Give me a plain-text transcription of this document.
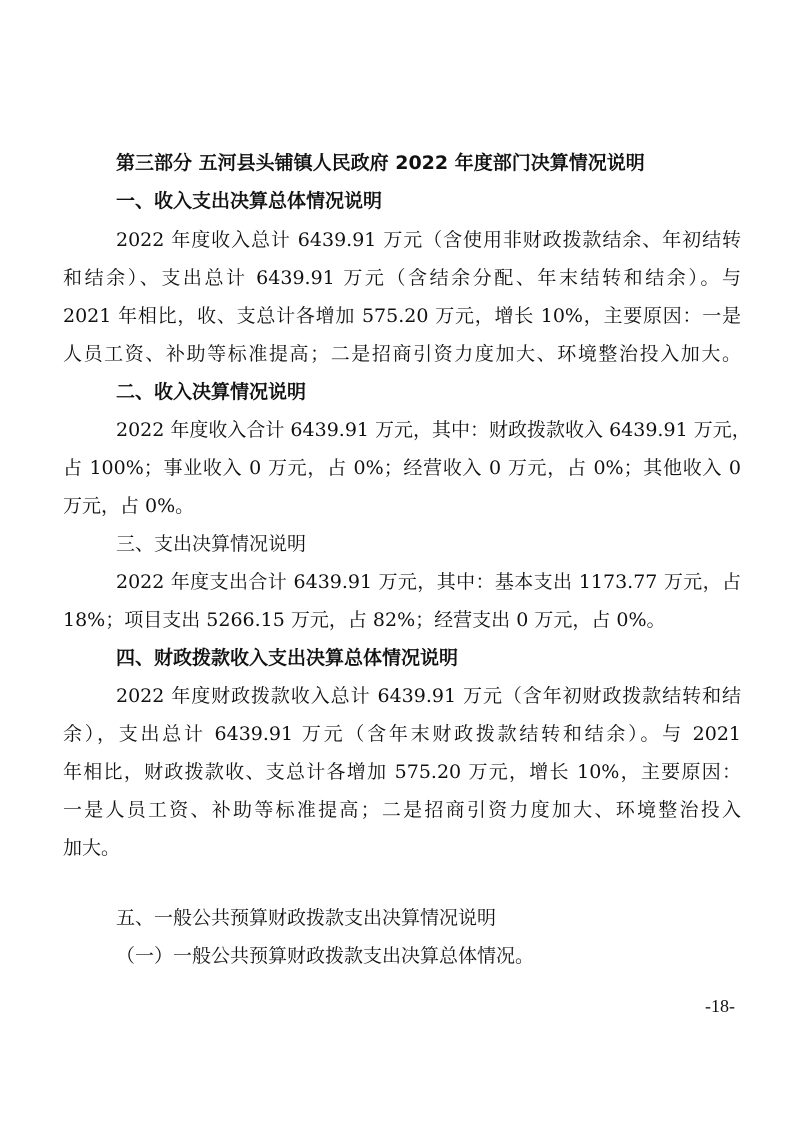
第三部分 五河县头铺镇人民政府 2022 年度部门决算情况说明
一、收入支出决算总体情况说明
2022 年度收入总计 6439.91 万元（含使用非财政拨款结余、年初结转
和结余）、支出总计 6439.91 万元（含结余分配、年末结转和结余）。与
2021 年相比，收、支总计各增加 575.20 万元，增长 10%，主要原因：一是
人员工资、补助等标准提高；二是招商引资力度加大、环境整治投入加大。
二、收入决算情况说明
2022 年度收入合计 6439.91 万元，其中：财政拨款收入 6439.91 万元，
占 100%；事业收入 0 万元，占 0%；经营收入 0 万元，占 0%；其他收入 0
万元，占 0%。
三、支出决算情况说明
2022 年度支出合计 6439.91 万元，其中：基本支出 1173.77 万元，占
18%；项目支出 5266.15 万元，占 82%；经营支出 0 万元，占 0%。
四、财政拨款收入支出决算总体情况说明
2022 年度财政拨款收入总计 6439.91 万元（含年初财政拨款结转和结
余），支出总计 6439.91 万元（含年末财政拨款结转和结余）。与 2021
年相比，财政拨款收、支总计各增加 575.20 万元，增长 10%，主要原因：
一是人员工资、补助等标准提高；二是招商引资力度加大、环境整治投入
加大。
五、一般公共预算财政拨款支出决算情况说明
（一）一般公共预算财政拨款支出决算总体情况。
-18-
